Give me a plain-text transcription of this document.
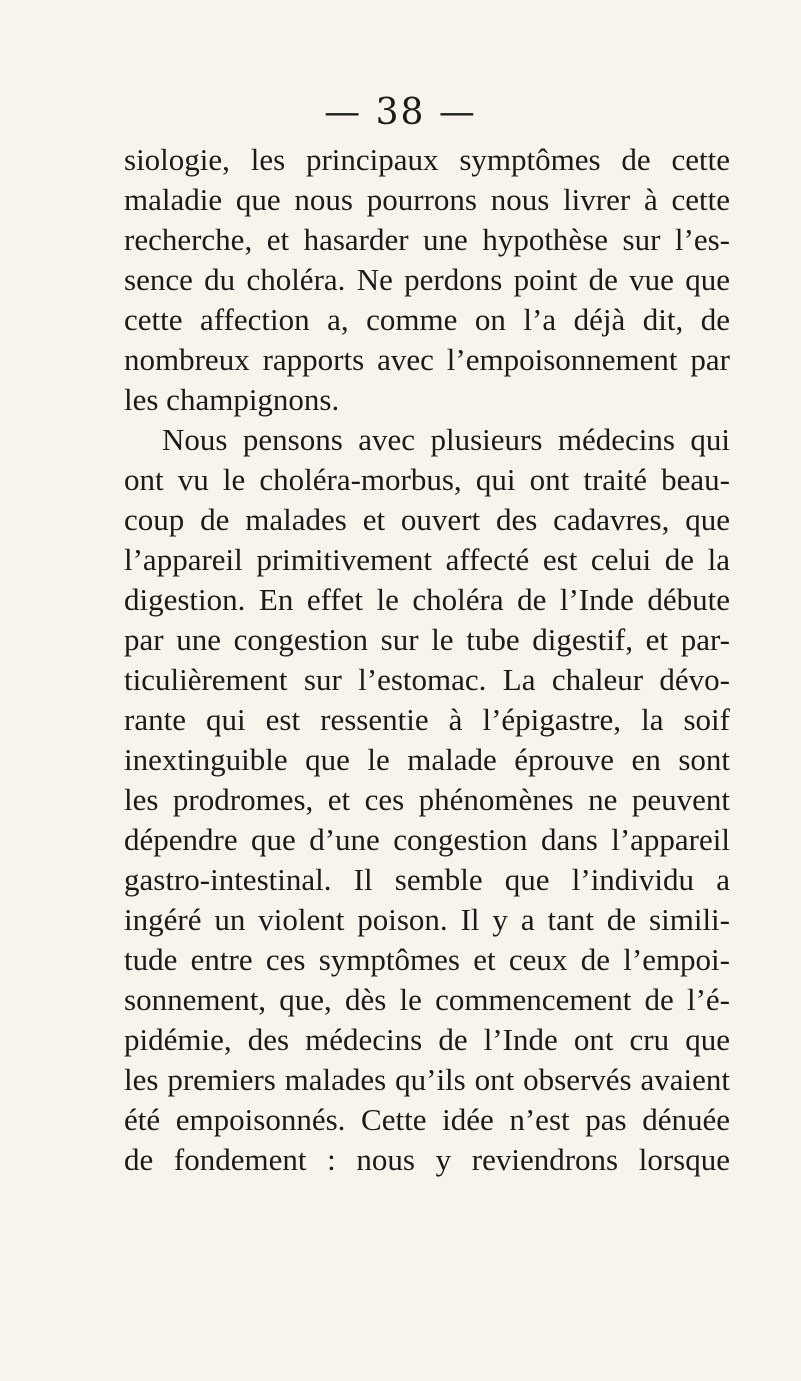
— 38 —
siologie, les principaux symptômes de cette
maladie que nous pourrons nous livrer à cette
recherche, et hasarder une hypothèse sur l’es-
sence du choléra. Ne perdons point de vue que
cette affection a, comme on l’a déjà dit, de
nombreux rapports avec l’empoisonnement par
les champignons.
Nous pensons avec plusieurs médecins qui
ont vu le choléra-morbus, qui ont traité beau-
coup de malades et ouvert des cadavres, que
l’appareil primitivement affecté est celui de la
digestion. En effet le choléra de l’Inde débute
par une congestion sur le tube digestif, et par-
ticulièrement sur l’estomac. La chaleur dévo-
rante qui est ressentie à l’épigastre, la soif
inextinguible que le malade éprouve en sont
les prodromes, et ces phénomènes ne peuvent
dépendre que d’une congestion dans l’appareil
gastro-intestinal. Il semble que l’individu a
ingéré un violent poison. Il y a tant de simili-
tude entre ces symptômes et ceux de l’empoi-
sonnement, que, dès le commencement de l’é-
pidémie, des médecins de l’Inde ont cru que
les premiers malades qu’ils ont observés avaient
été empoisonnés. Cette idée n’est pas dénuée
de fondement : nous y reviendrons lorsque
